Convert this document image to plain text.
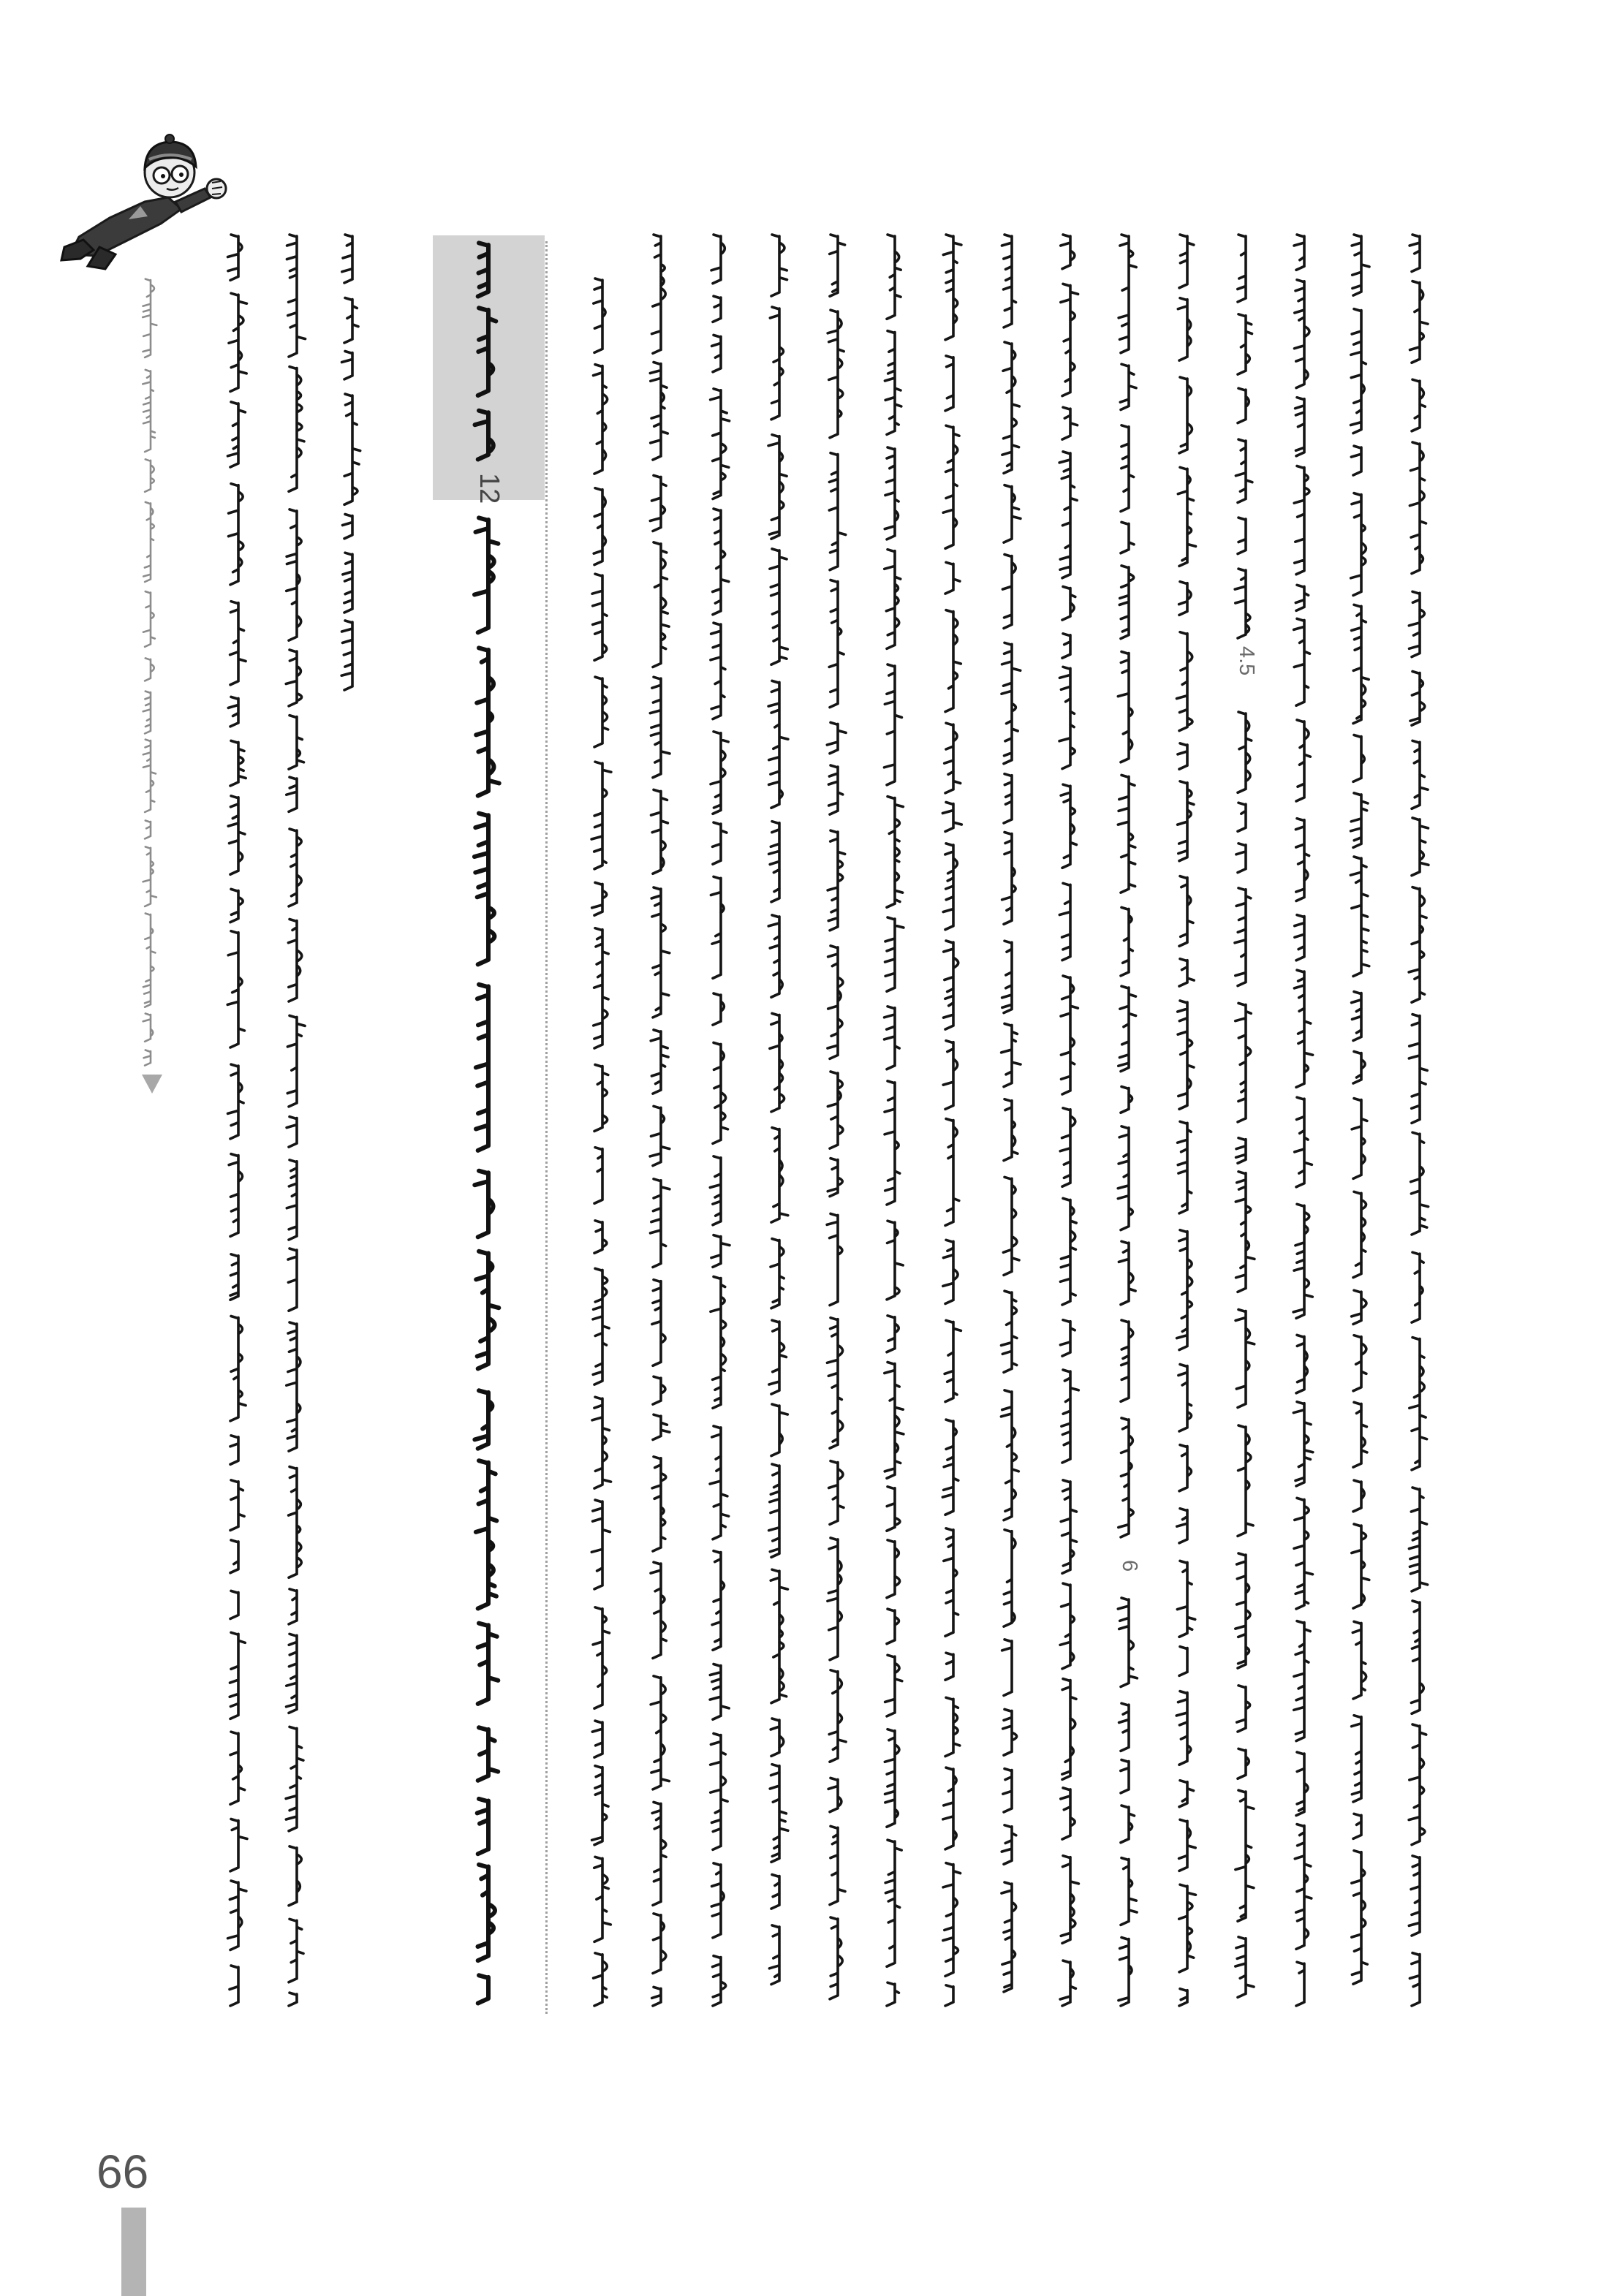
12
4.5
6
66
